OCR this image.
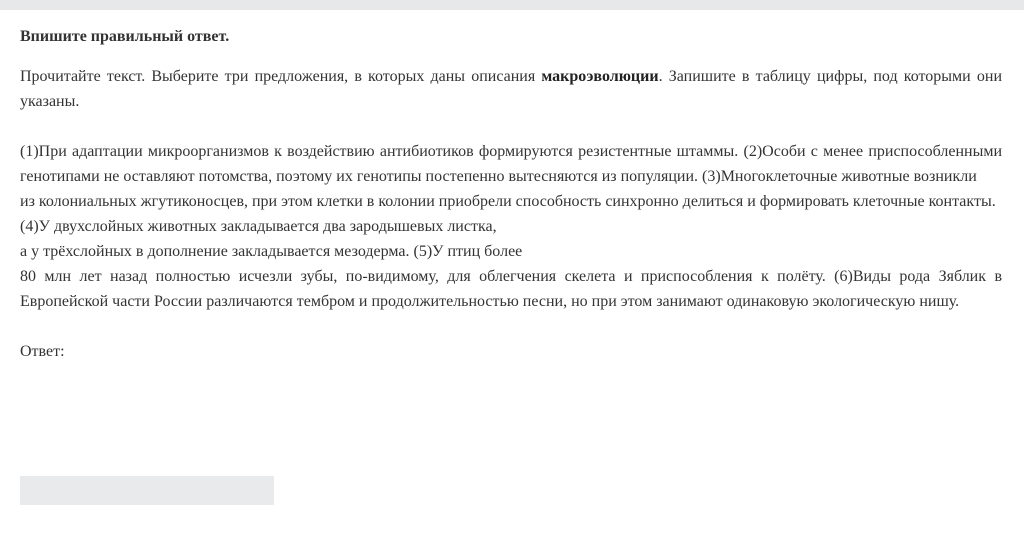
Впишите правильный ответ.

Прочитайте текст. Выберите три предложения, в которых даны описания макроэволюции. Запишите в таблицу цифры, под которыми они указаны.

(1)При адаптации микроорганизмов к воздействию антибиотиков формируются резистентные штаммы. (2)Особи с менее приспособленными генотипами не оставляют потомства, поэтому их генотипы постепенно вытесняются из популяции. (3)Многоклеточные животные возникли

из колониальных жгутиконосцев, при этом клетки в колонии приобрели способность синхронно делиться и формировать клеточные контакты.

(4)У двухслойных животных закладывается два зародышевых листка,

а у трёхслойных в дополнение закладывается мезодерма. (5)У птиц более

80 млн лет назад полностью исчезли зубы, по-видимому, для облегчения скелета и приспособления к полёту. (6)Виды рода Зяблик в Европейской части России различаются тембром и продолжительностью песни, но при этом занимают одинаковую экологическую нишу.

Ответ:
